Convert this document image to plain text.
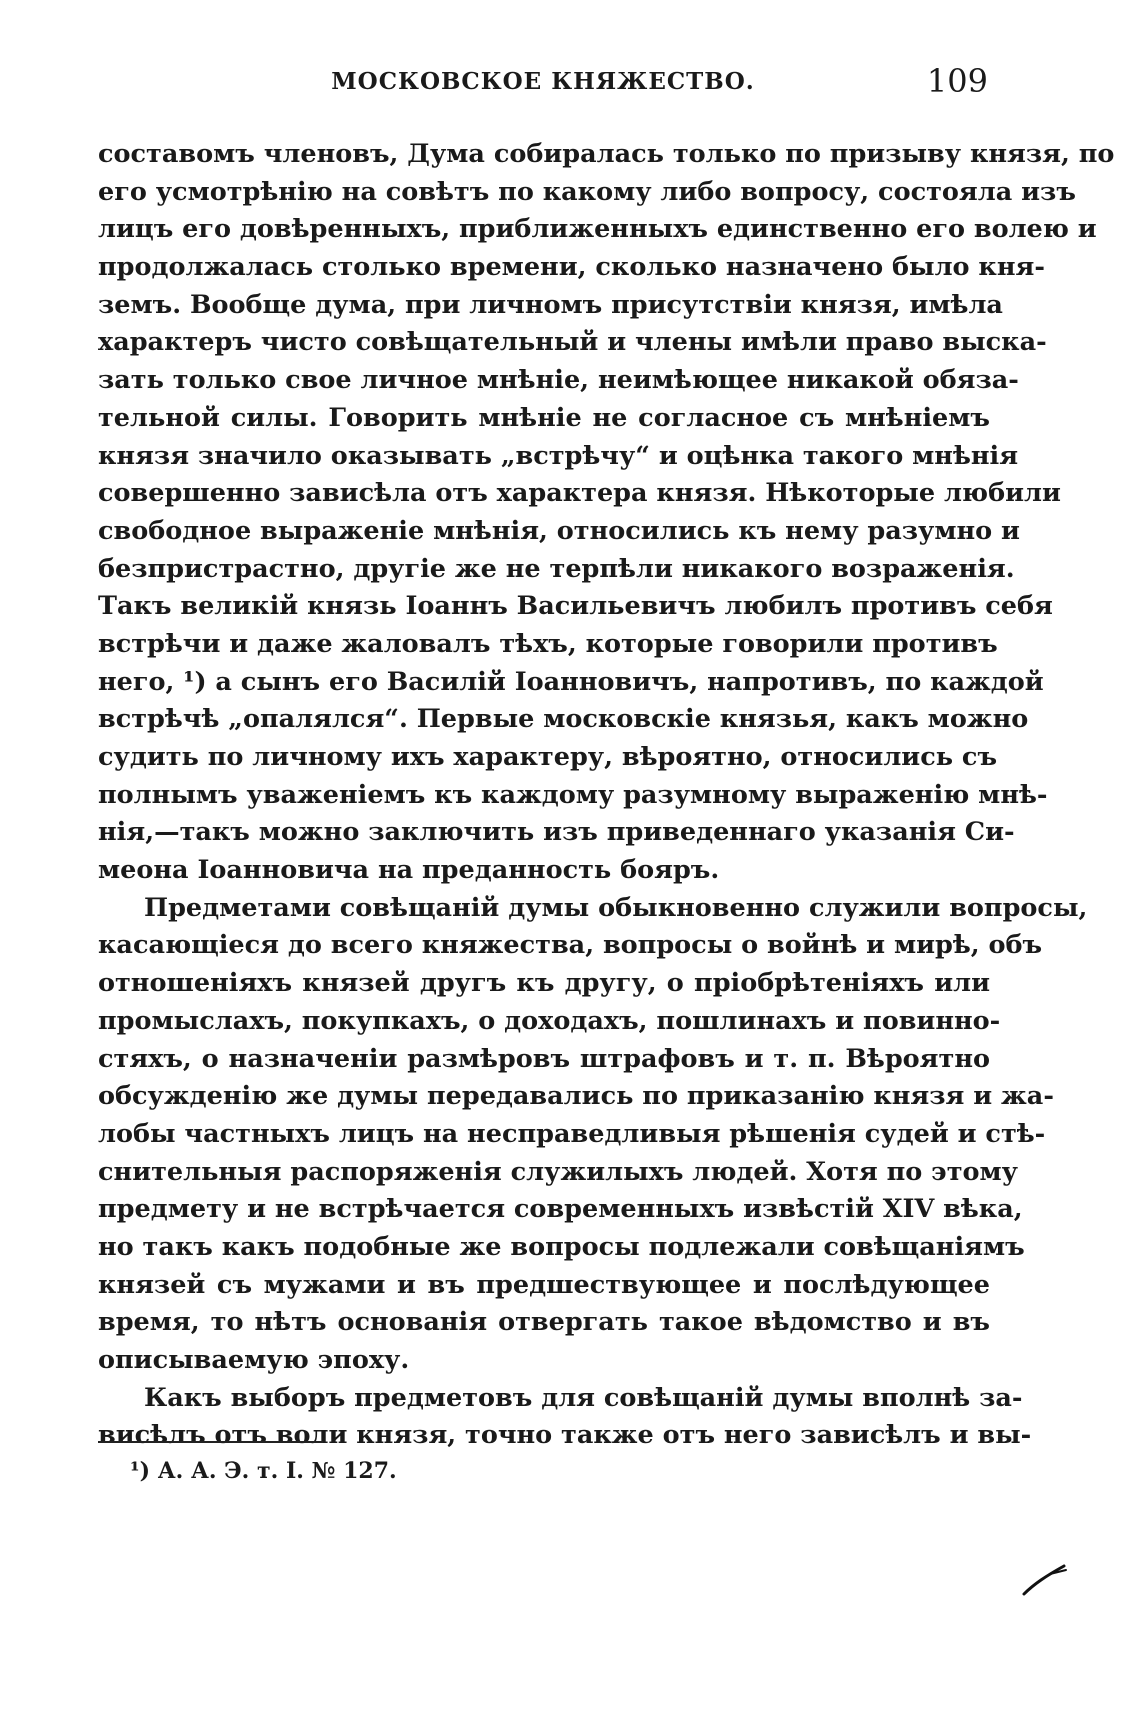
МОСКОВСКОЕ КНЯЖЕСТВО.	109
составомъ членовъ, Дума собиралась только по призыву князя, по
его усмотрѣнію на совѣтъ по какому либо вопросу, состояла изъ
лицъ его довѣренныхъ, приближенныхъ единственно его волею и
продолжалась столько времени, сколько назначено было кня-
земъ. Вообще дума, при личномъ присутствіи князя, имѣла
характеръ чисто совѣщательный и члены имѣли право выска-
зать только свое личное мнѣніе, неимѣющее никакой обяза-
тельной силы. Говорить мнѣніе не согласное съ мнѣніемъ
князя значило оказывать „встрѣчу“ и оцѣнка такого мнѣнія
совершенно зависѣла отъ характера князя. Нѣкоторые любили
свободное выраженіе мнѣнія, относились къ нему разумно и
безпристрастно, другіе же не терпѣли никакого возраженія.
Такъ великій князь Іоаннъ Васильевичъ любилъ противъ себя
встрѣчи и даже жаловалъ тѣхъ, которые говорили противъ
него, ¹) а сынъ его Василій Іоанновичъ, напротивъ, по каждой
встрѣчѣ „опалялся“. Первые московскіе князья, какъ можно
судить по личному ихъ характеру, вѣроятно, относились съ
полнымъ уваженіемъ къ каждому разумному выраженію мнѣ-
нія,—такъ можно заключить изъ приведеннаго указанія Си-
меона Іоанновича на преданность бояръ.
Предметами совѣщаній думы обыкновенно служили вопросы,
касающіеся до всего княжества, вопросы о войнѣ и мирѣ, объ
отношеніяхъ князей другъ къ другу, о пріобрѣтеніяхъ или
промыслахъ, покупкахъ, о доходахъ, пошлинахъ и повинно-
стяхъ, о назначеніи размѣровъ штрафовъ и т. п. Вѣроятно
обсужденію же думы передавались по приказанію князя и жа-
лобы частныхъ лицъ на несправедливыя рѣшенія судей и стѣ-
снительныя распоряженія служилыхъ людей. Хотя по этому
предмету и не встрѣчается современныхъ извѣстій XIV вѣка,
но такъ какъ подобные же вопросы подлежали совѣщаніямъ
князей съ мужами и въ предшествующее и послѣдующее
время, то нѣтъ основанія отвергать такое вѣдомство и въ
описываемую эпоху.
Какъ выборъ предметовъ для совѣщаній думы вполнѣ за-
висѣлъ отъ воли князя, точно также отъ него зависѣлъ и вы-
¹) А. А. Э. т. I. № 127.
